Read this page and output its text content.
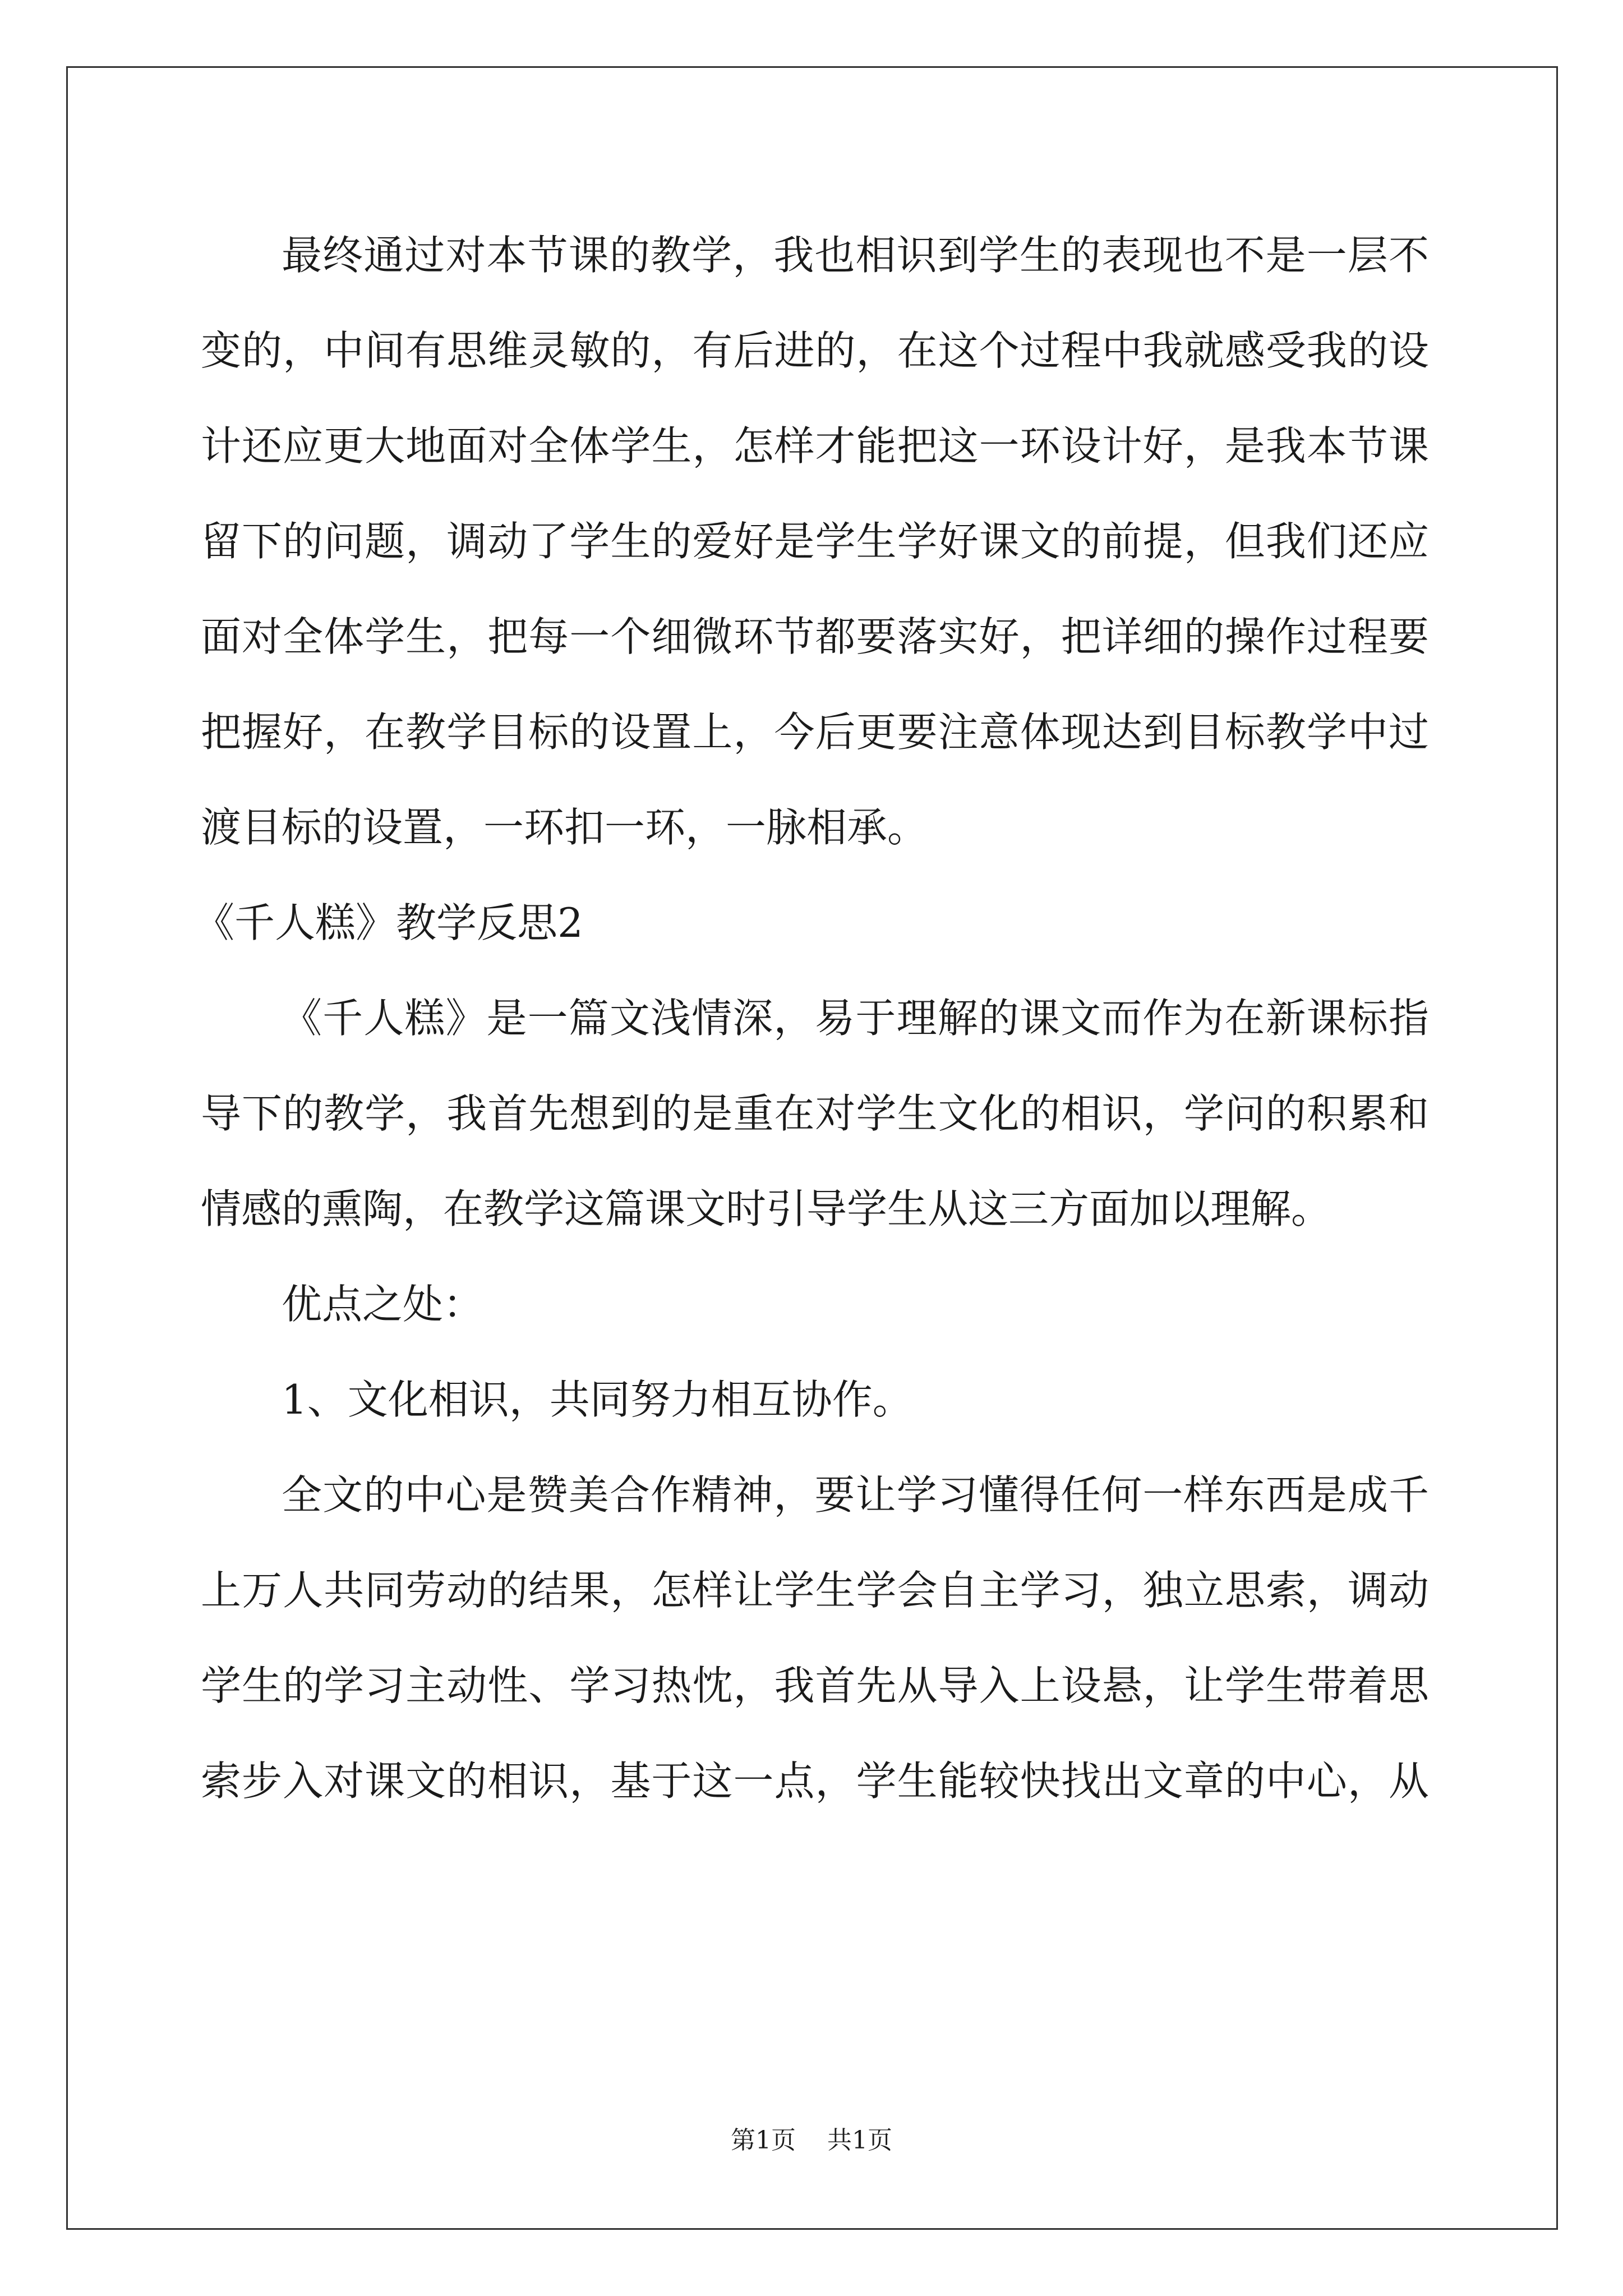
最终通过对本节课的教学，我也相识到学生的表现也不是一层不
变的，中间有思维灵敏的，有后进的，在这个过程中我就感受我的设
计还应更大地面对全体学生，怎样才能把这一环设计好，是我本节课
留下的问题，调动了学生的爱好是学生学好课文的前提，但我们还应
面对全体学生，把每一个细微环节都要落实好，把详细的操作过程要
把握好，在教学目标的设置上，今后更要注意体现达到目标教学中过
渡目标的设置，一环扣一环，一脉相承。
《千人糕》教学反思2
《千人糕》是一篇文浅情深，易于理解的课文而作为在新课标指
导下的教学，我首先想到的是重在对学生文化的相识，学问的积累和
情感的熏陶，在教学这篇课文时引导学生从这三方面加以理解。
优点之处：
1、文化相识，共同努力相互协作。
全文的中心是赞美合作精神，要让学习懂得任何一样东西是成千
上万人共同劳动的结果，怎样让学生学会自主学习，独立思索，调动
学生的学习主动性、学习热忱，我首先从导入上设悬，让学生带着思
索步入对课文的相识，基于这一点，学生能较快找出文章的中心，从
第1页 共1页
